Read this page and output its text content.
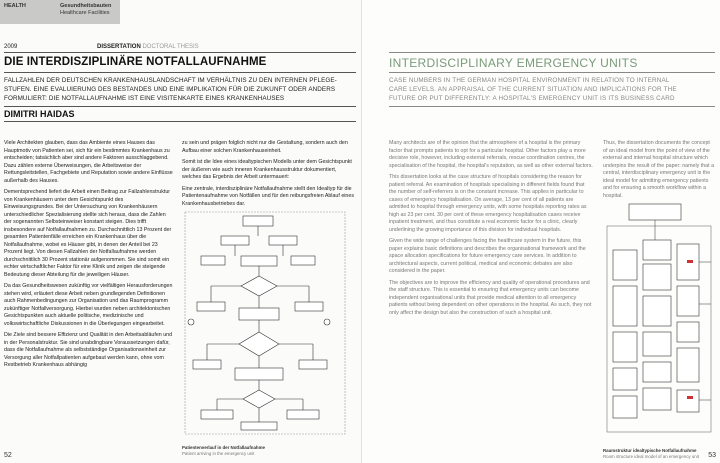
HEALTH	Gesundheitsbauten
Healthcare Facilities
2009	DISSERTATION DOCTORAL THESIS
DIE INTERDISZIPLINÄRE NOTFALLAUFNAHME
FALLZAHLEN DER DEUTSCHEN KRANKENHAUSLANDSCHAFT IM VERHÄLTNIS ZU DEN INTERNEN PFLEGE-STUFEN. EINE EVALUIERUNG DES BESTANDES UND EINE IMPLIKATION FÜR DIE ZUKUNFT ODER ANDERS FORMULIERT: DIE NOTFALLAUFNAHME IST EINE VISITENKARTE EINES KRANKENHAUSES
DIMITRI HAIDAS

Viele Architekten glauben, dass das Ambiente eines Hauses das Hauptmotiv von Patienten sei, sich für ein bestimmtes Krankenhaus zu entscheiden; tatsächlich aber sind andere Faktoren ausschlaggebend. Dazu zählen externe Überweisungen, die Arbeitsweise der Rettungsleitstellen, Fachgebiete und Reputation sowie andere Einflüsse außerhalb des Hauses.

Dementsprechend liefert die Arbeit einen Beitrag zur Fallzahlenstruktur von Krankenhäusern unter dem Gesichtspunkt des Einweisungsgrundes. Bei der Untersuchung von Krankenhäusern unterschiedlicher Spezialisierung stellte sich heraus, dass die Zahlen der sogenannten Selbsteinweiser konstant steigen. Dies trifft insbesondere auf Notfallaufnahmen zu. Durchschnittlich 13 Prozent der gesamten Patientenfälle erreichen ein Krankenhaus über die Notfallaufnahme, wobei es Häuser gibt, in denen der Anteil bei 23 Prozent liegt. Von diesen Fallzahlen der Notfallaufnahme werden durchschnittlich 30 Prozent stationär aufgenommen. Sie sind somit ein echter wirtschaftlicher Faktor für eine Klinik und zeigen die steigende Bedeutung dieser Abteilung für die jeweiligen Häuser.

Da das Gesundheitswesen zukünftig vor vielfältigen Herausforderungen stehen wird, erläutert diese Arbeit neben grundlegenden Definitionen auch Rahmenbedingungen zur Organisation und das Raumprogramm zukünftiger Notfallversorgung. Hierbei wurden neben architektonischen Gesichtspunkten auch aktuelle politische, medizinische und volkswirtschaftliche Diskussionen in die Überlegungen eingearbeitet.

Die Ziele sind bessere Effizienz und Qualität in den Arbeitsabläufen und in der Personalstruktur. Sie sind unabdingbare Voraussetzungen dafür, dass die Notfallaufnahme als selbstständige Organisationseinheit zur Versorgung aller Notfallpatienten aufgebaut werden kann, ohne vom Restbetrieb Krankenhaus abhängig

zu sein und prägen folglich nicht nur die Gestaltung, sondern auch den Aufbau einer solchen Krankenhauseinheit.

Somit ist die Idee eines idealtypischen Modells unter dem Gesichtspunkt der äußeren wie auch inneren Krankenhausstruktur dokumentiert, welches das Ergebnis der Arbeit untermauert:

Eine zentrale, interdisziplinäre Notfallaufnahme stellt den Idealtyp für die Patientenaufnahme von Notfällen und für den reibungsfreien Ablauf eines Krankenhausbetriebes dar.

Patientenverlauf in der Notfallaufnahme
Patient arriving in the emergency unit
52
INTERDISCIPLINARY EMERGENCY UNITS
CASE NUMBERS IN THE GERMAN HOSPITAL ENVIRONMENT IN RELATION TO INTERNAL CARE LEVELS. AN APPRAISAL OF THE CURRENT SITUATION AND IMPLICATIONS FOR THE FUTURE OR PUT DIFFERENTLY: A HOSPITAL'S EMERGENCY UNIT IS ITS BUSINESS CARD

Many architects are of the opinion that the atmosphere of a hospital is the primary factor that prompts patients to opt for a particular hospital. Other factors play a more decisive role, however, including external referrals, rescue coordination centres, the specialisation of the hospital, the hospital's reputation, as well as other external factors.

This dissertation looks at the case structure of hospitals considering the reason for patient referral. An examination of hospitals specialising in different fields found that the number of self-referrers is on the constant increase. This applies in particular to cases of emergency hospitalisation. On average, 13 per cent of all patients are admitted to hospital through emergency units, with some hospitals reporting rates as high as 23 per cent. 30 per cent of these emergency hospitalisation cases receive inpatient treatment, and thus constitute a real economic factor for a clinic, clearly underlining the growing importance of this division for individual hospitals.

Given the wide range of challenges facing the healthcare system in the future, this paper explains basic definitions and describes the organisational framework and the space allocation specifications for future emergency care services. In addition to architectural aspects, current political, medical and economic debates are also considered in the paper.

The objectives are to improve the efficiency and quality of operational procedures and the staff structure. This is essential to ensuring that emergency units can become independent organisational units that provide medical attention to all emergency patients without being dependent on other operations in the hospital. As such, they not only affect the design but also the construction of such a hospital unit.

Thus, the dissertation documents the concept of an ideal model from the point of view of the external and internal hospital structure which underpins the result of the paper: namely that a central, interdisciplinary emergency unit is the ideal model for admitting emergency patients and for ensuring a smooth workflow within a hospital.

Raumstruktur idealtypische Notfallaufnahme
Room structure ideal model of an emergency unit 53
